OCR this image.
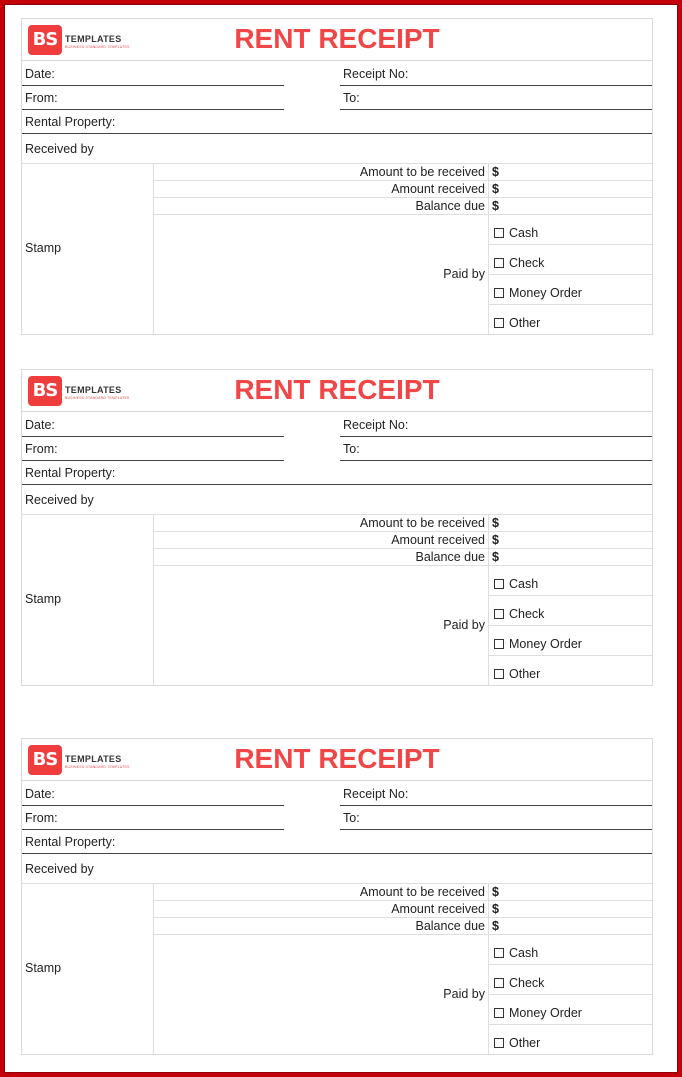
BS TEMPLATES
BUSINESS STANDARD TEMPLATES	RENT RECEIPT
Date:	Receipt No:
From:	To:
Rental Property:
Received by
Stamp
Amount to be received $
Amount received $
Balance due $
Paid by
Cash
Check
Money Order
Other
BS TEMPLATES
BUSINESS STANDARD TEMPLATES	RENT RECEIPT
Date:	Receipt No:
From:	To:
Rental Property:
Received by
Stamp
Amount to be received $
Amount received $
Balance due $
Paid by
Cash
Check
Money Order
Other
BS TEMPLATES
BUSINESS STANDARD TEMPLATES	RENT RECEIPT
Date:	Receipt No:
From:	To:
Rental Property:
Received by
Stamp
Amount to be received $
Amount received $
Balance due $
Paid by
Cash
Check
Money Order
Other
